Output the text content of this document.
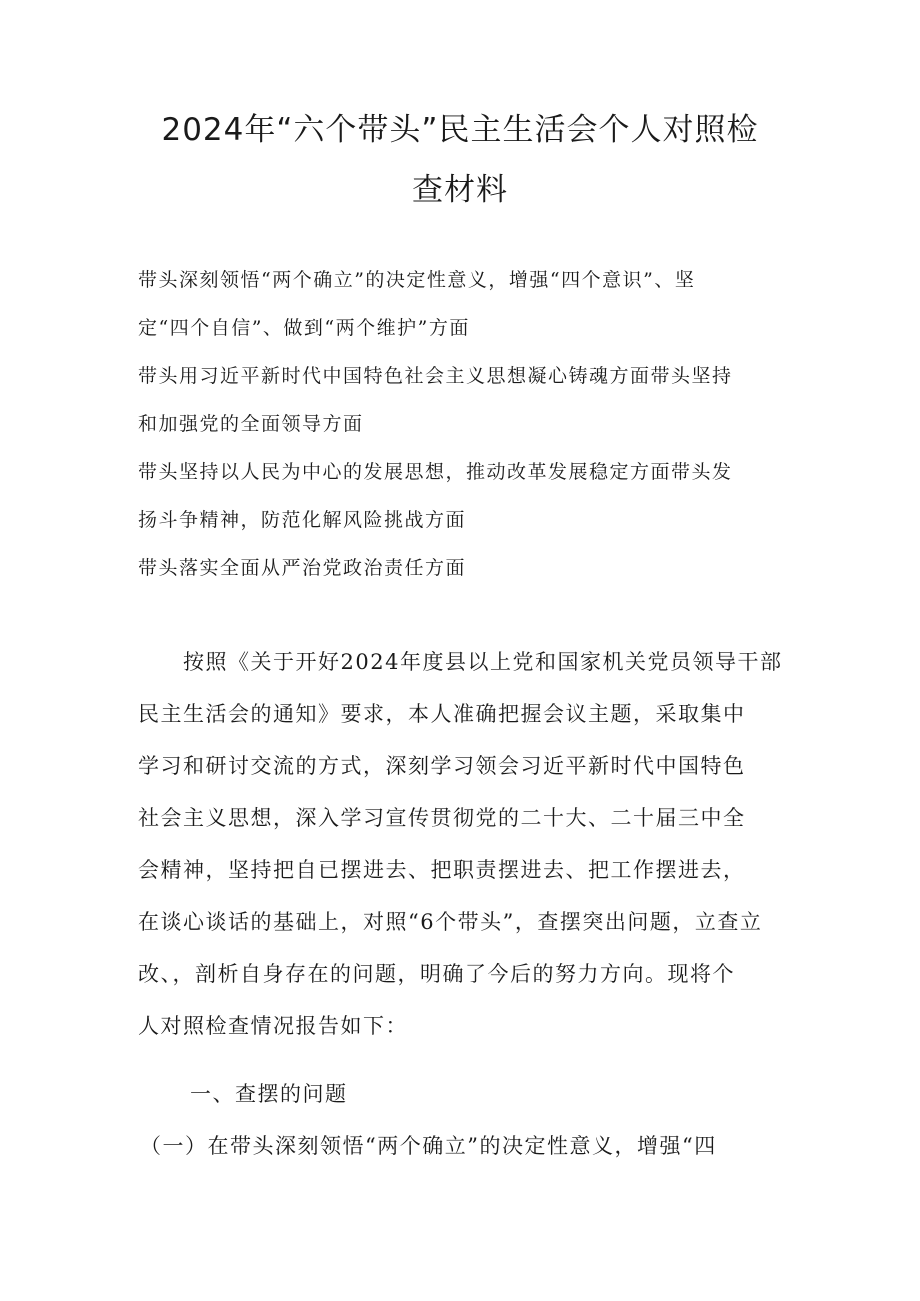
2024年“六个带头”民主生活会个人对照检
查材料
带头深刻领悟“两个确立”的决定性意义，增强“四个意识”、坚
定“四个自信”、做到“两个维护”方面
带头用习近平新时代中国特色社会主义思想凝心铸魂方面带头坚持
和加强党的全面领导方面
带头坚持以人民为中心的发展思想，推动改革发展稳定方面带头发
扬斗争精神，防范化解风险挑战方面
带头落实全面从严治党政治责任方面
　　按照《关于开好2024年度县以上党和国家机关党员领导干部
民主生活会的通知》要求，本人准确把握会议主题，采取集中
学习和研讨交流的方式，深刻学习领会习近平新时代中国特色
社会主义思想，深入学习宣传贯彻党的二十大、二十届三中全
会精神，坚持把自已摆进去、把职责摆进去、把工作摆进去，
在谈心谈话的基础上，对照“6个带头”，查摆突出问题，立查立
改、，剖析自身存在的问题，明确了今后的努力方向。现将个
人对照检查情况报告如下：
一、查摆的问题
（一）在带头深刻领悟“两个确立”的决定性意义，增强“四
